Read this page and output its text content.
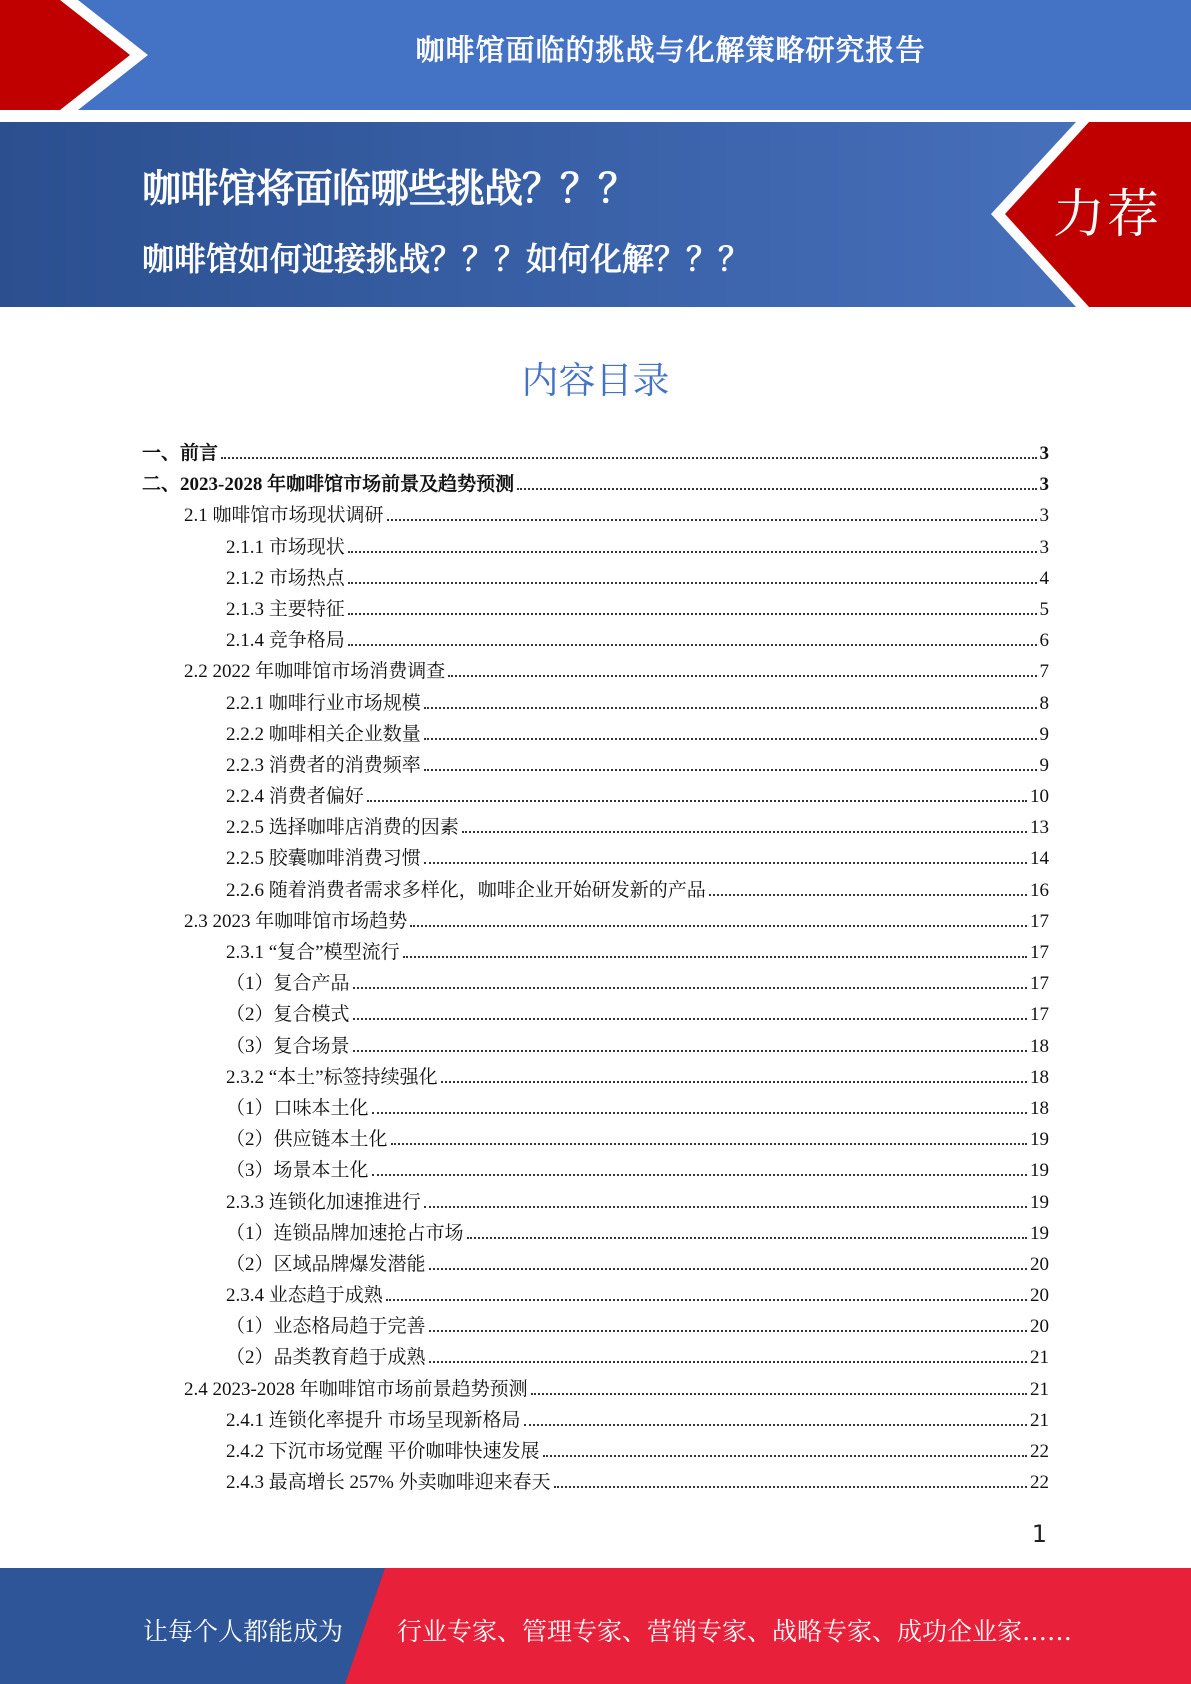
咖啡馆面临的挑战与化解策略研究报告
咖啡馆将面临哪些挑战？？？
咖啡馆如何迎接挑战？？？如何化解？？？
力荐
内容目录
一、前言	3
二、2023-2028 年咖啡馆市场前景及趋势预测	3
2.1 咖啡馆市场现状调研	3
2.1.1 市场现状	3
2.1.2 市场热点	4
2.1.3 主要特征	5
2.1.4 竞争格局	6
2.2 2022 年咖啡馆市场消费调查	7
2.2.1 咖啡行业市场规模	8
2.2.2 咖啡相关企业数量	9
2.2.3 消费者的消费频率	9
2.2.4 消费者偏好	10
2.2.5 选择咖啡店消费的因素	13
2.2.5 胶囊咖啡消费习惯	14
2.2.6 随着消费者需求多样化，咖啡企业开始研发新的产品	16
2.3 2023 年咖啡馆市场趋势	17
2.3.1 “复合”模型流行	17
（1）复合产品	17
（2）复合模式	17
（3）复合场景	18
2.3.2 “本土”标签持续强化	18
（1）口味本土化	18
（2）供应链本土化	19
（3）场景本土化	19
2.3.3 连锁化加速推进行	19
（1）连锁品牌加速抢占市场	19
（2）区域品牌爆发潜能	20
2.3.4 业态趋于成熟	20
（1）业态格局趋于完善	20
（2）品类教育趋于成熟	21
2.4 2023-2028 年咖啡馆市场前景趋势预测	21
2.4.1 连锁化率提升 市场呈现新格局	21
2.4.2 下沉市场觉醒 平价咖啡快速发展	22
2.4.3 最高增长 257% 外卖咖啡迎来春天	22
1
让每个人都能成为 行业专家、管理专家、营销专家、战略专家、成功企业家……
